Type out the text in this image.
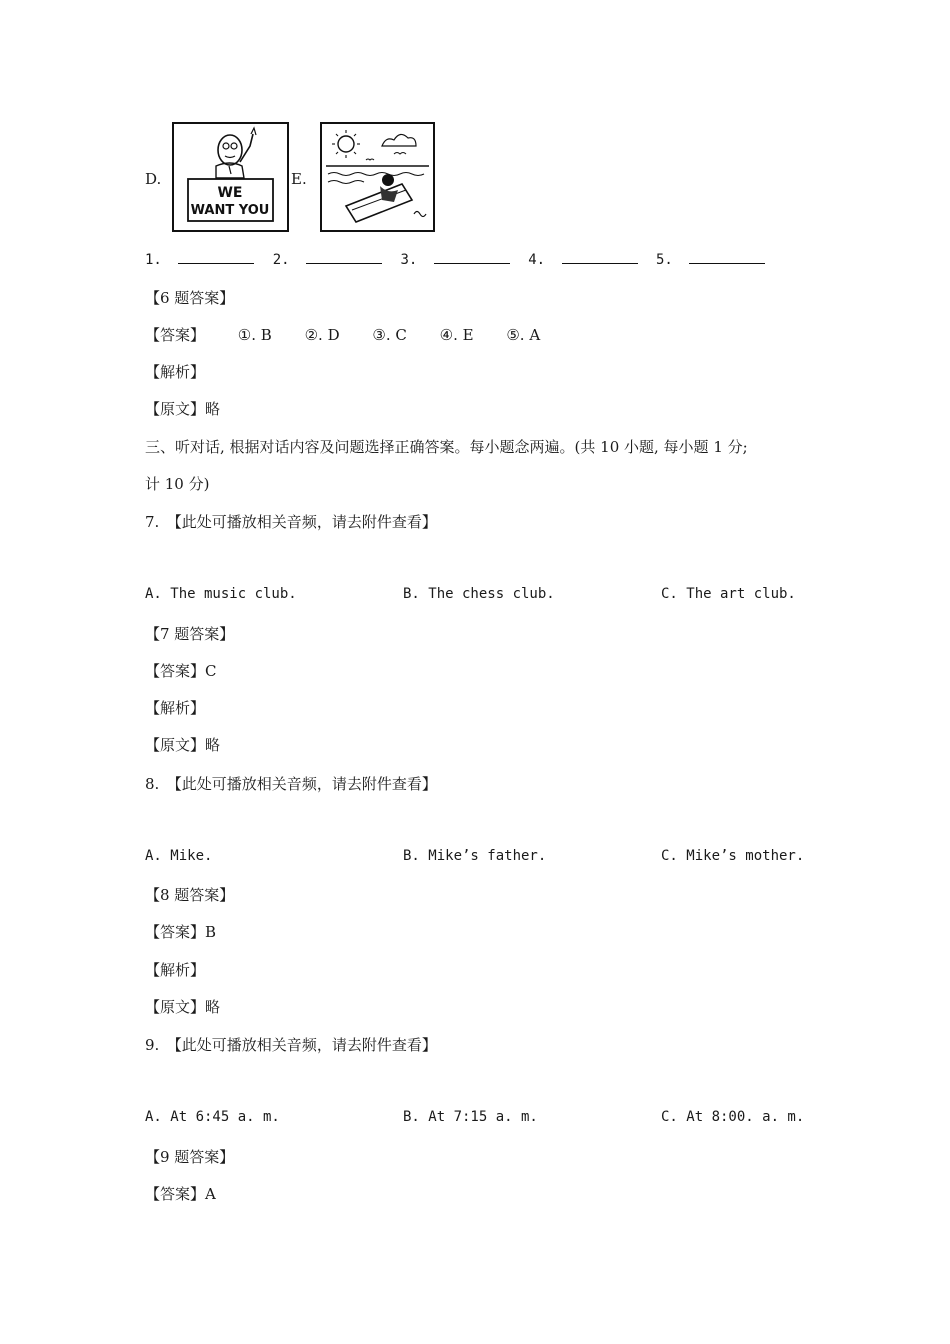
D.
WE
WANT YOU
E.
1.	2.	3.	4.	5.
【6 题答案】
【答案】 ①. B ②. D ③. C ④. E ⑤. A
【解析】
【原文】略
三、听对话, 根据对话内容及问题选择正确答案。每小题念两遍。(共 10 小题, 每小题 1 分;
计 10 分)
7.　【此处可播放相关音频，请去附件查看】
A. The music club.	B. The chess club.	C. The art club.
【7 题答案】
【答案】C
【解析】
【原文】略
8.　【此处可播放相关音频，请去附件查看】
A. Mike.	B. Mike’s father.	C. Mike’s mother.
【8 题答案】
【答案】B
【解析】
【原文】略
9.　【此处可播放相关音频，请去附件查看】
A. At 6:45 a. m.	B. At 7:15 a. m.	C. At 8:00. a. m.
【9 题答案】
【答案】A
